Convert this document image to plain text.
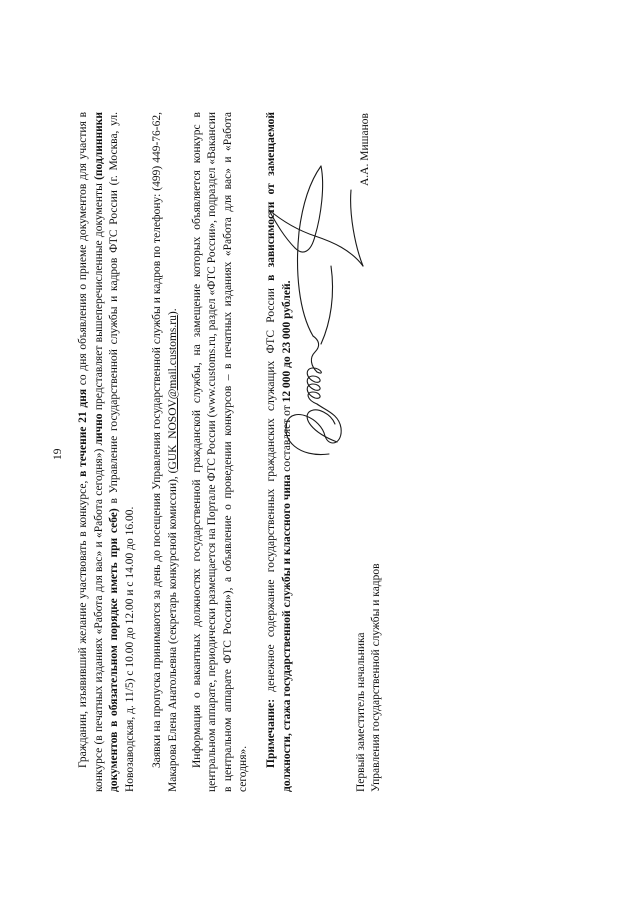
19

Гражданин, изъявивший желание участвовать в конкурсе, в течение 21 дня со дня объявления о приеме документов для участия в конкурсе (в печатных изданиях «Работа для вас» и «Работа сегодня») лично представляет вышеперечисленные документы (подлинники документов в обязательном порядке иметь при себе) в Управление государственной службы и кадров ФТС России (г. Москва, ул. Новозаводская, д. 11/5) с 10.00 до 12.00 и с 14.00 до 16.00. Заявки на пропуска принимаются за день до посещения Управления государственной службы и кадров по телефону: (499) 449-76-62, Макарова Елена Анатольевна (секретарь конкурсной комиссии), (GUK_NOSOV@mail.customs.ru). Информация о вакантных должностях государственной гражданской службы, на замещение которых объявляется конкурс в центральном аппарате, периодически размещается на Портале ФТС России (www.customs.ru, раздел «ФТС России», подраздел «Вакансии в центральном аппарате ФТС России»), а объявление о проведении конкурсов – в печатных изданиях «Работа для вас» и «Работа сегодня».

Примечание: денежное содержание государственных гражданских служащих ФТС России в зависимости от замещаемой должности, стажа государственной службы и классного чина составляет от 12 000 до 23 000 рублей.

Первый заместитель начальника Управления государственной службы и кадров
А.А. Мишанов
